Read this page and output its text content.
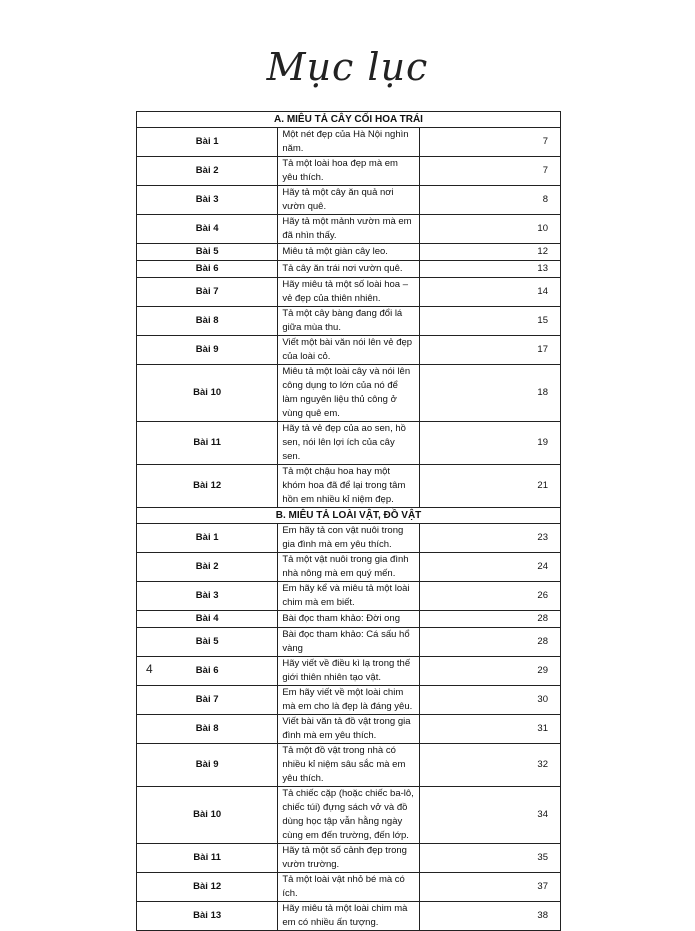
Mục lục
A. MIÊU TẢ CÂY CỐI HOA TRÁI		
Bài 1	Một nét đẹp của Hà Nội nghìn năm.	7
Bài 2	Tả một loài hoa đẹp mà em yêu thích.	7
Bài 3	Hãy tả một cây ăn quả nơi vườn quê.	8
Bài 4	Hãy tả một mảnh vườn mà em đã nhìn thấy.	10
Bài 5	Miêu tả một giàn cây leo.	12
Bài 6	Tả cây ăn trái nơi vườn quê.	13
Bài 7	Hãy miêu tả một số loài hoa – vẻ đẹp của thiên nhiên.	14
Bài 8	Tả một cây bàng đang đổi lá giữa mùa thu.	15
Bài 9	Viết một bài văn nói lên vẻ đẹp của loài cỏ.	17
Bài 10	Miêu tả một loài cây và nói lên công dụng to lớn của nó để làm nguyên liệu thủ công ở vùng quê em.	18
Bài 11	Hãy tả vẻ đẹp của ao sen, hồ sen, nói lên lợi ích của cây sen.	19
Bài 12	Tả một chậu hoa hay một khóm hoa đã để lại trong tâm hồn em nhiều kỉ niệm đẹp.	21
B. MIÊU TẢ LOÀI VẬT, ĐỒ VẬT		
Bài 1	Em hãy tả con vật nuôi trong gia đình mà em yêu thích.	23
Bài 2	Tả một vật nuôi trong gia đình nhà nông mà em quý mến.	24
Bài 3	Em hãy kể và miêu tả một loài chim mà em biết.	26
Bài 4	Bài đọc tham khảo: Đời ong	28
Bài 5	Bài đọc tham khảo: Cá sấu hổ vàng	28
Bài 6	Hãy viết về điều kì lạ trong thế giới thiên nhiên tạo vật.	29
Bài 7	Em hãy viết về một loài chim mà em cho là đẹp là đáng yêu.	30
Bài 8	Viết bài văn tả đồ vật trong gia đình mà em yêu thích.	31
Bài 9	Tả một đồ vật trong nhà có nhiều kỉ niệm sâu sắc mà em yêu thích.	32
Bài 10	Tả chiếc cặp (hoặc chiếc ba-lô, chiếc túi) đựng sách vở và đồ dùng học tập vẫn hằng ngày cùng em đến trường, đến lớp.	34
Bài 11	Hãy tả một số cảnh đẹp trong vườn trường.	35
Bài 12	Tả một loài vật nhỏ bé mà có ích.	37
Bài 13	Hãy miêu tả một loài chim mà em có nhiều ấn tượng.	38
4
